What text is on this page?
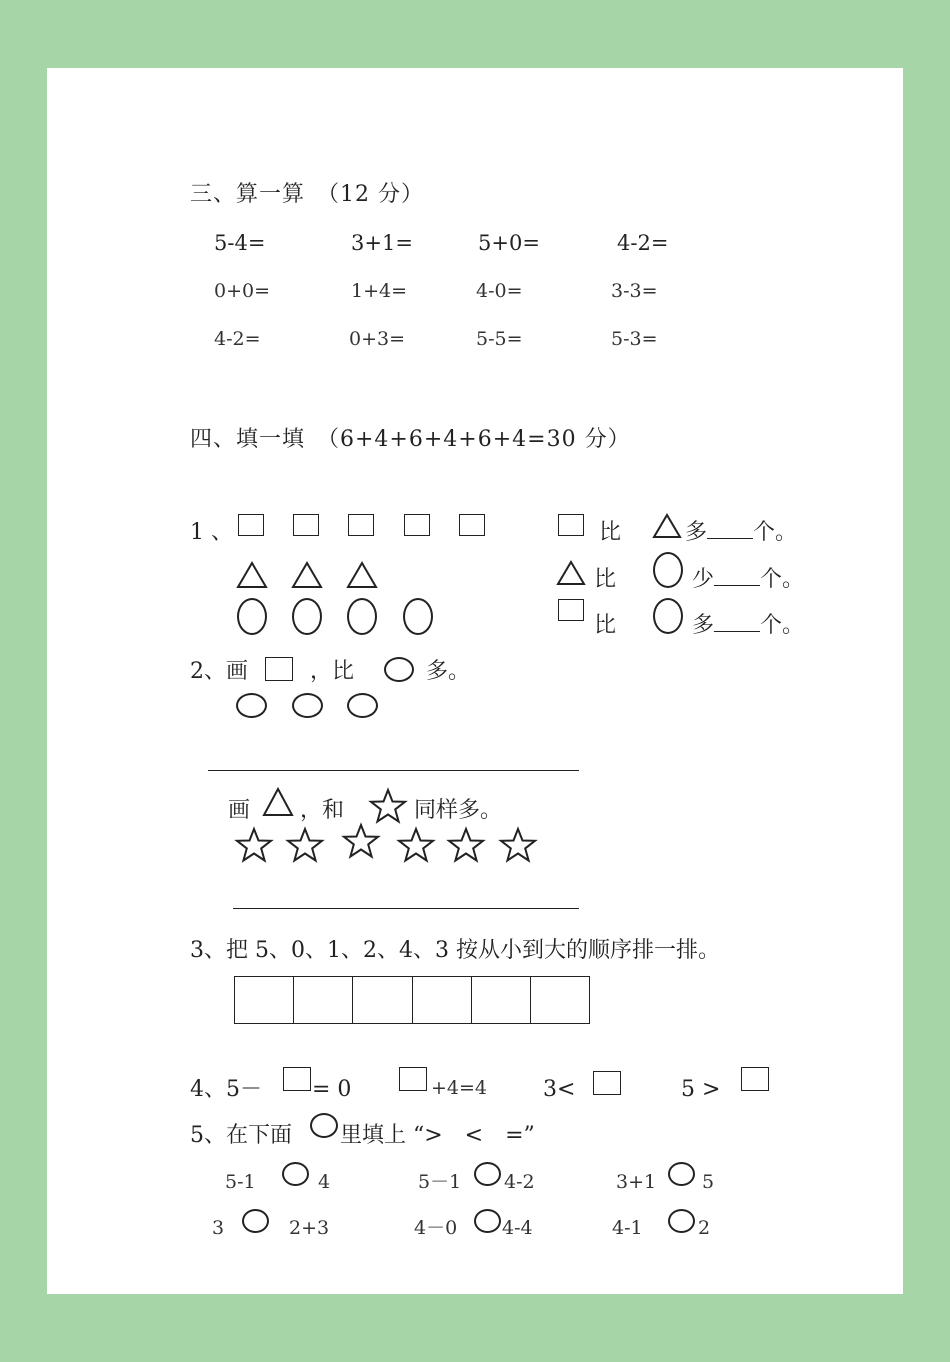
三、算一算　（12 分）
5-4=	3+1=	5+0=	4-2=
0+0=	1+4=	4-0=	3-3=
4-2=	0+3=	5-5=	5-3=
四、填一填　（6+4+6+4+6+4=30 分）
1 、	比	多 个。
比	少 个。
比	多 个。
2、画	，比	多。
画 ，和	同样多。
3、把 5、0、1、2、4、3 按从小到大的顺序排一排。
4、5－ = 0	+4=4	3<	5 >
5、在下面 里填上 “>　<　=”
5-1	4	5－1 4-2	3+1 5
3	2+3	4－0 4-4	4-1	2
